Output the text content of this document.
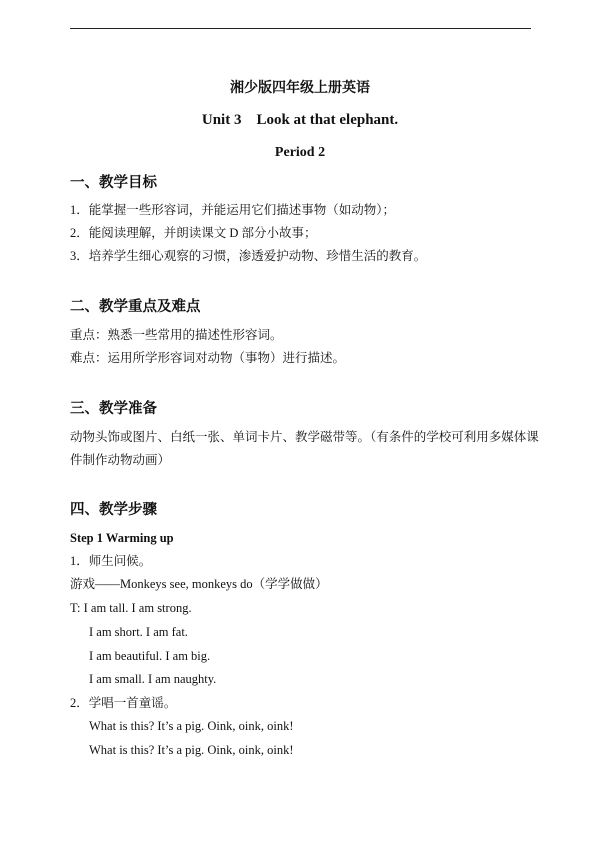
湘少版四年级上册英语
Unit 3    Look at that elephant.
Period 2
一、教学目标
1．能掌握一些形容词，并能运用它们描述事物（如动物）；
2．能阅读理解，并朗读课文 D 部分小故事；
3．培养学生细心观察的习惯，渗透爱护动物、珍惜生活的教育。
二、教学重点及难点
重点：熟悉一些常用的描述性形容词。
难点：运用所学形容词对动物（事物）进行描述。
三、教学准备
动物头饰或图片、白纸一张、单词卡片、教学磁带等。（有条件的学校可利用多媒体课
件制作动物动画）
四、教学步骤
Step 1 Warming up
1．师生问候。
游戏——Monkeys see, monkeys do（学学做做）
T: I am tall. I am strong.
I am short. I am fat.
I am beautiful. I am big.
I am small. I am naughty.
2．学唱一首童谣。
What is this? It’s a pig. Oink, oink, oink!
What is this? It’s a pig. Oink, oink, oink!
